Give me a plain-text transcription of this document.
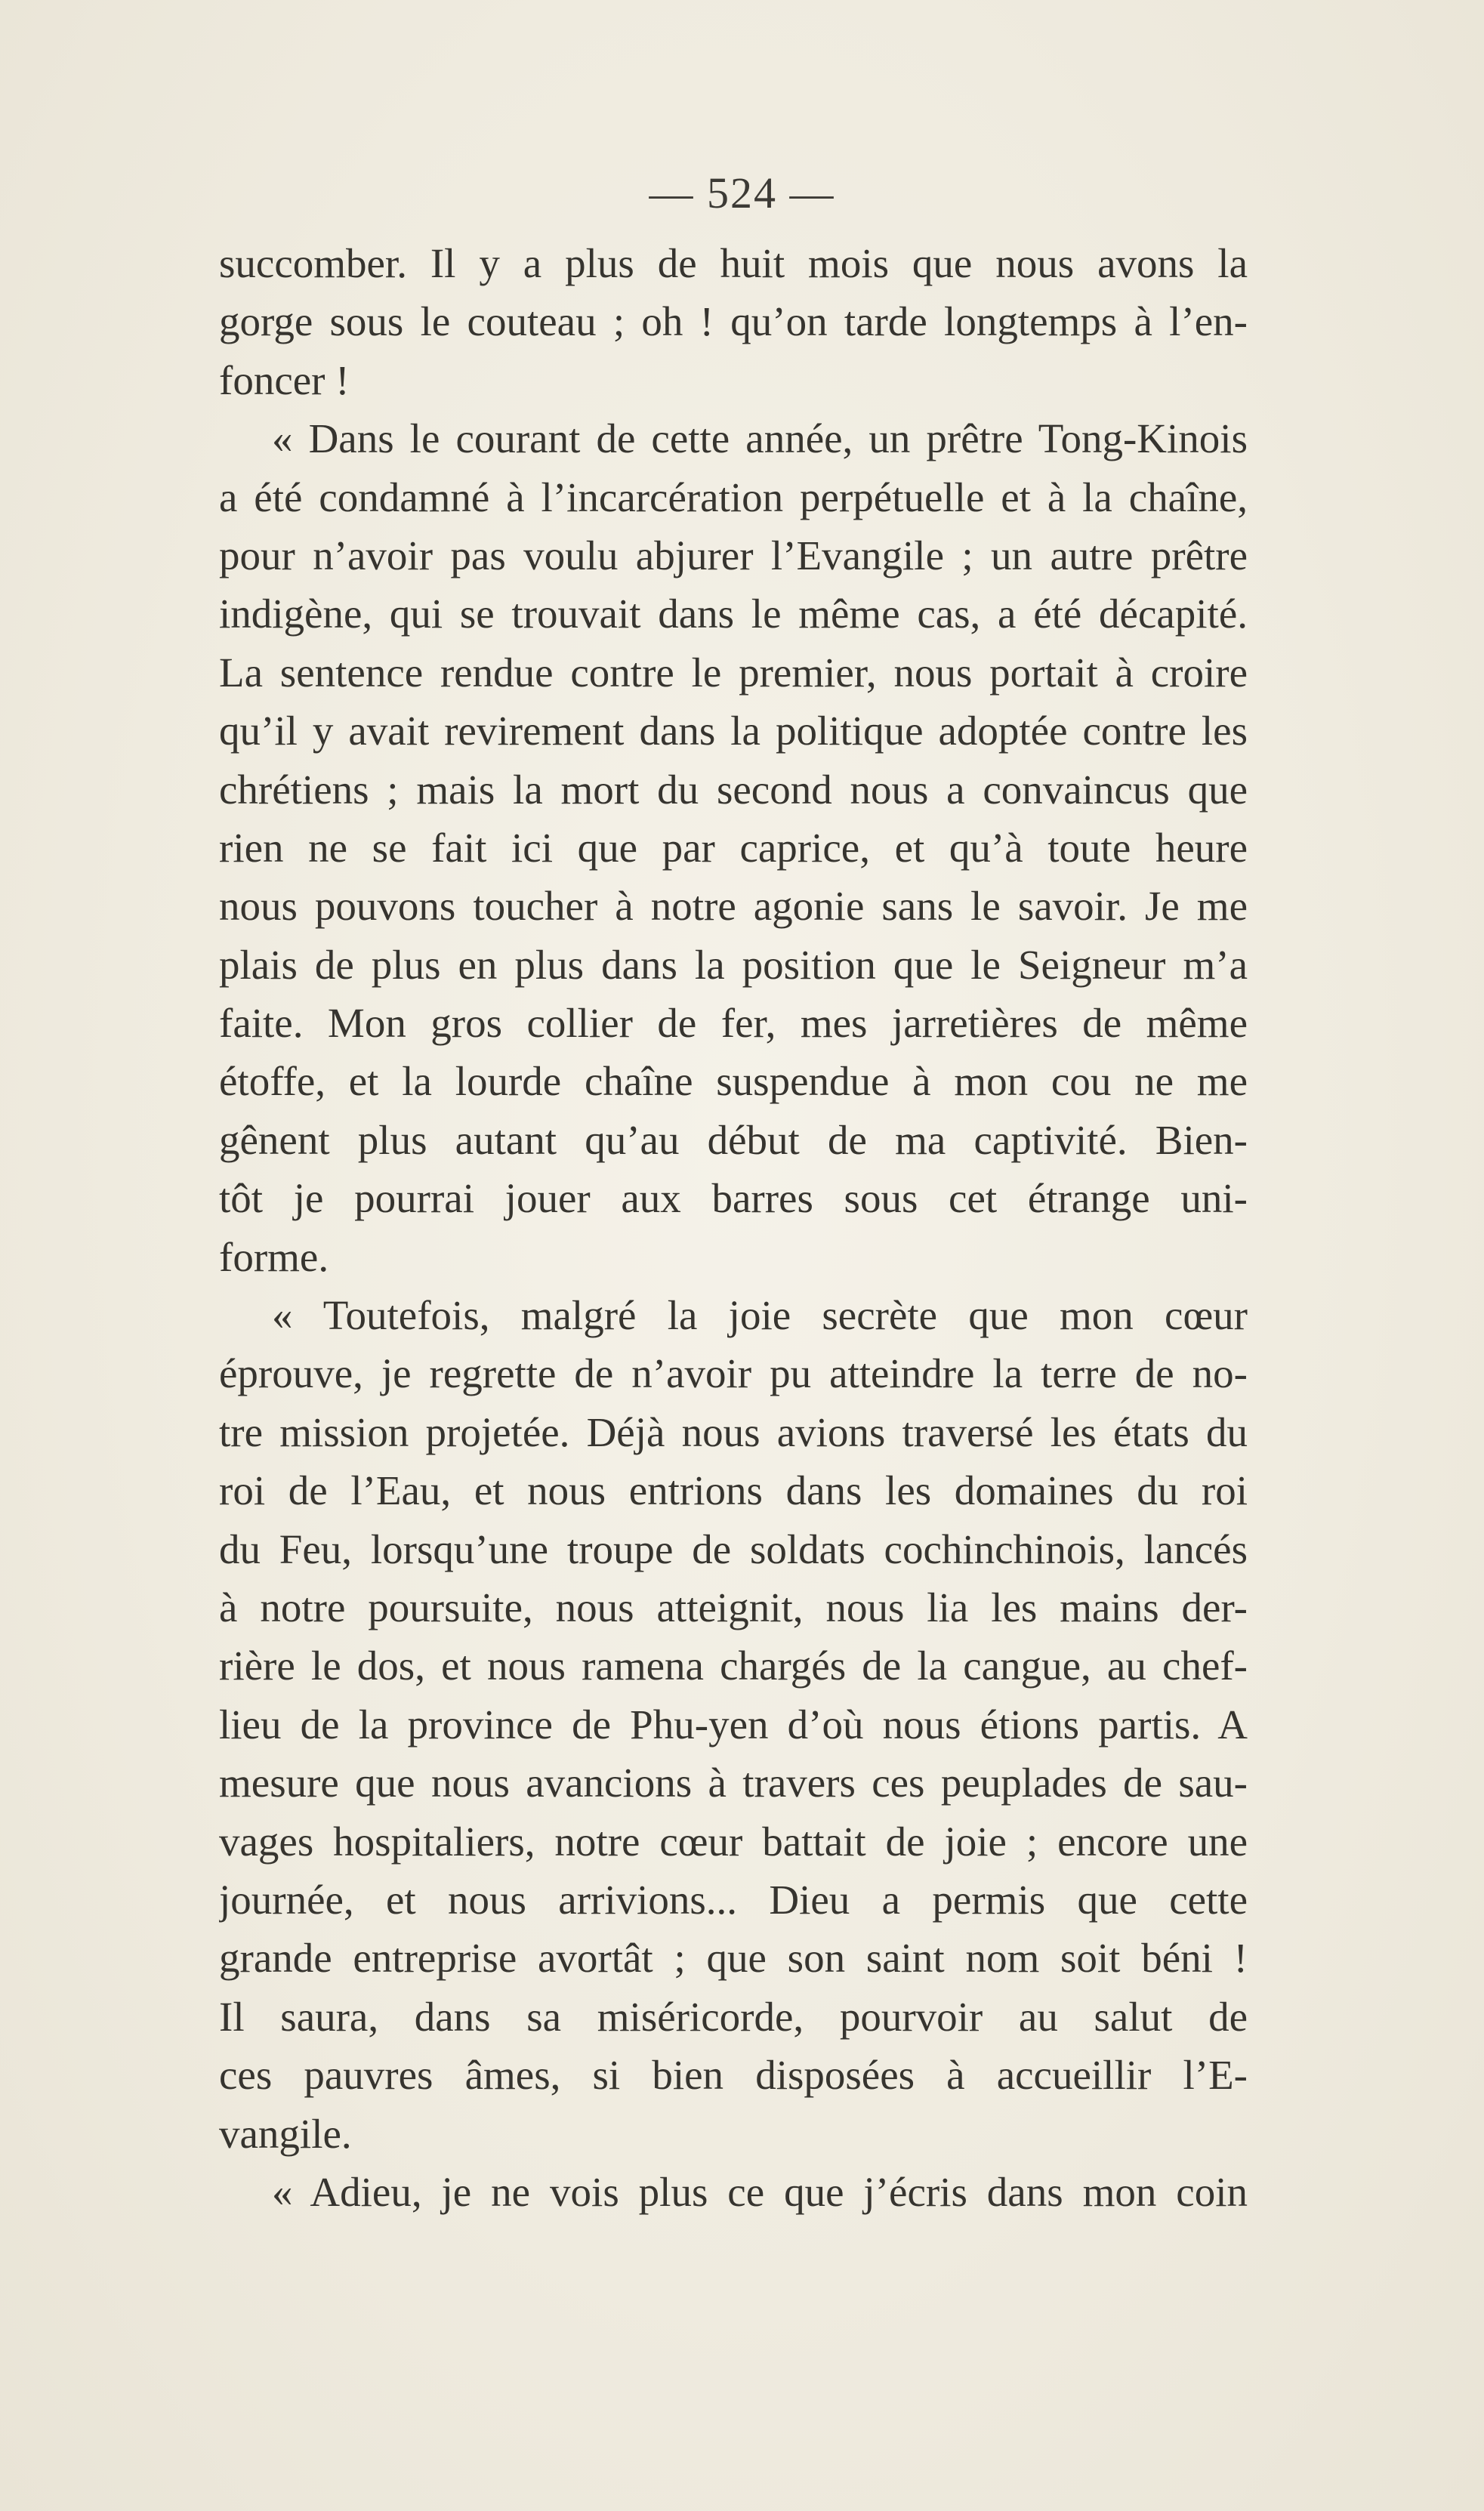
— 524 —
succomber. Il y a plus de huit mois que nous avons la
gorge sous le couteau ; oh ! qu’on tarde longtemps à l’en-
foncer !
« Dans le courant de cette année, un prêtre Tong-Kinois
a été condamné à l’incarcération perpétuelle et à la chaîne,
pour n’avoir pas voulu abjurer l’Evangile ; un autre prêtre
indigène, qui se trouvait dans le même cas, a été décapité.
La sentence rendue contre le premier, nous portait à croire
qu’il y avait revirement dans la politique adoptée contre les
chrétiens ; mais la mort du second nous a convaincus que
rien ne se fait ici que par caprice, et qu’à toute heure
nous pouvons toucher à notre agonie sans le savoir. Je me
plais de plus en plus dans la position que le Seigneur m’a
faite. Mon gros collier de fer, mes jarretières de même
étoffe, et la lourde chaîne suspendue à mon cou ne me
gênent plus autant qu’au début de ma captivité. Bien-
tôt je pourrai jouer aux barres sous cet étrange uni-
forme.
« Toutefois, malgré la joie secrète que mon cœur
éprouve, je regrette de n’avoir pu atteindre la terre de no-
tre mission projetée. Déjà nous avions traversé les états du
roi de l’Eau, et nous entrions dans les domaines du roi
du Feu, lorsqu’une troupe de soldats cochinchinois, lancés
à notre poursuite, nous atteignit, nous lia les mains der-
rière le dos, et nous ramena chargés de la cangue, au chef-
lieu de la province de Phu-yen d’où nous étions partis. A
mesure que nous avancions à travers ces peuplades de sau-
vages hospitaliers, notre cœur battait de joie ; encore une
journée, et nous arrivions... Dieu a permis que cette
grande entreprise avortât ; que son saint nom soit béni !
Il saura, dans sa miséricorde, pourvoir au salut de
ces pauvres âmes, si bien disposées à accueillir l’E-
vangile.
« Adieu, je ne vois plus ce que j’écris dans mon coin
